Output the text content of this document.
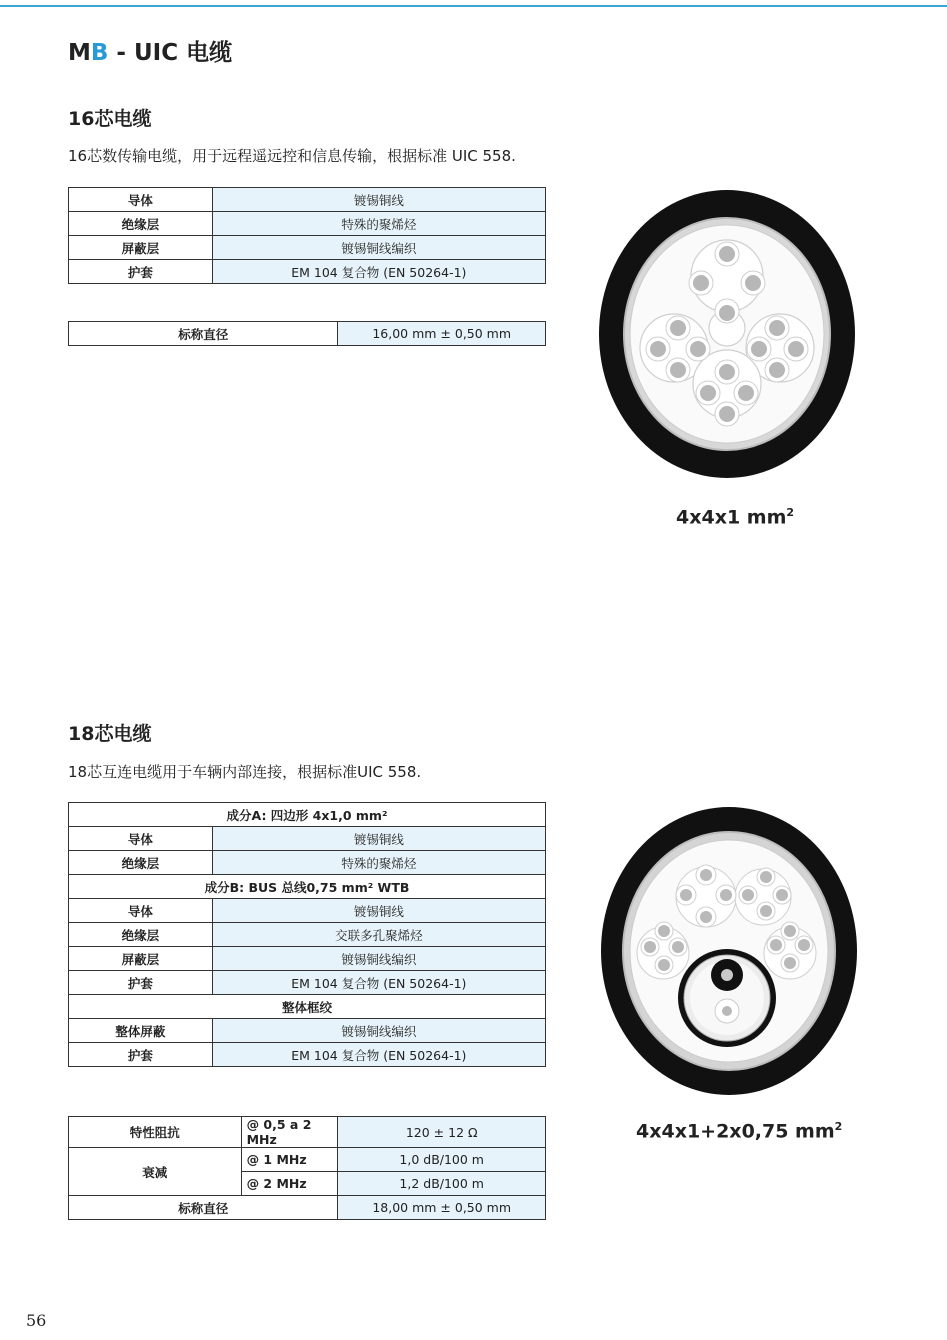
MB - UIC 电缆
16芯电缆
16芯数传输电缆，用于远程遥远控和信息传输，根据标准 UIC 558.
导体	镀锡铜线
绝缘层	特殊的聚烯烃
屏蔽层	镀锡铜线编织
护套	EM 104 复合物 (EN 50264-1)
标称直径	16,00 mm ± 0,50 mm
4x4x1 $mm^2$
18芯电缆
18芯互连电缆用于车辆内部连接，根据标准UIC 558.
成分A: 四边形 4x1,0 mm²	
导体	镀锡铜线
绝缘层	特殊的聚烯烃
成分B: BUS 总线0,75 mm² WTB	
导体	镀锡铜线
绝缘层	交联多孔聚烯烃
屏蔽层	镀锡铜线编织
护套	EM 104 复合物 (EN 50264-1)
整体框绞	
整体屏蔽	镀锡铜线编织
护套	EM 104 复合物 (EN 50264-1)
特性阻抗	@ 0,5 a 2 MHz	120 ± 12 Ω
衰减	@ 1 MHz	1,0 dB/100 m
	@ 2 MHz	1,2 dB/100 m
标称直径		18,00 mm ± 0,50 mm
4x4x1+2x0,75 $mm^2$
56
